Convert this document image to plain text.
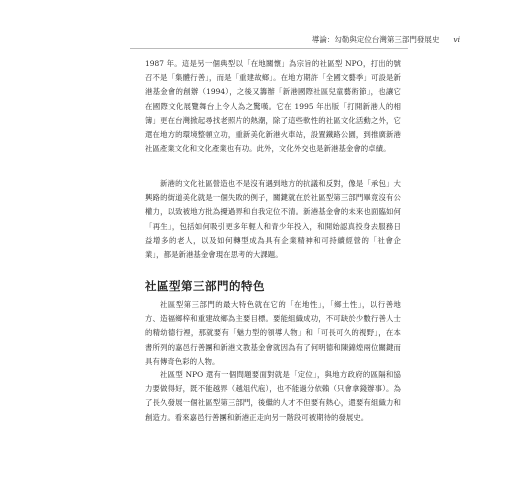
導論：勾勒與定位台灣第三部門發展史 vi
1987 年。這是另一個典型以「在地關懷」為宗旨的社區型 NPO，打出的號召不是「集體行善」，而是「重建故鄉」。在地方期許「全國文藝季」可設是新港基金會的創辦（1994），之後又籌辦「新港國際社區兒童藝術節」，也讓它在國際文化展覽舞台上令人為之驚嘆。它在 1995 年出版「打開新港人的相簿」更在台灣掀起尋找老照片的熱潮，除了這些軟性的社區文化活動之外，它還在地方的環境整頓立功，重新美化新港火車站，設置鐵路公園，到推廣新港社區產業文化和文化產業也有功。此外，文化外交也是新港基金會的卓績。
新港的文化社區營造也不是沒有遇到地方的抗議和反對，像是「承包」大興路的街道美化就是一個失敗的例子，關鍵就在於社區型第三部門畢竟沒有公權力，以致被地方批為擾過界和自我定位不清。新港基金會的未來也面臨如何「再生」，包括如何吸引更多年輕人和青少年投入，和開始認真投身去服務日益增多的老人，以及如何轉型成為具有企業精神和可持續經營的「社會企業」，都是新港基金會現在思考的大課題。
社區型第三部門的特色
社區型第三部門的最大特色就在它的「在地性」，「鄉土性」，以行善地方、造福鄉梓和重建故鄉為主要目標。要能組織成功，不可缺於少數行善人士的精幼德行裡，那就要有「魅力型的領導人物」和「可長可久的視野」，在本書所列的嘉邑行善團和新港文教基金會就因為有了何明德和陳錦煌兩位關鍵而具有傳奇色彩的人物。
社區型 NPO 還有一個問題要面對就是「定位」，與地方政府的區隔和協力要做得好，既不能越界（越俎代庖），也不能過分依賴（只會拿錢辦事）。為了長久發展一個社區型第三部門，後繼的人才不但要有熱心，還要有組織力和創造力。看來嘉邑行善團和新港正走向另一階段可被期待的發展史。
